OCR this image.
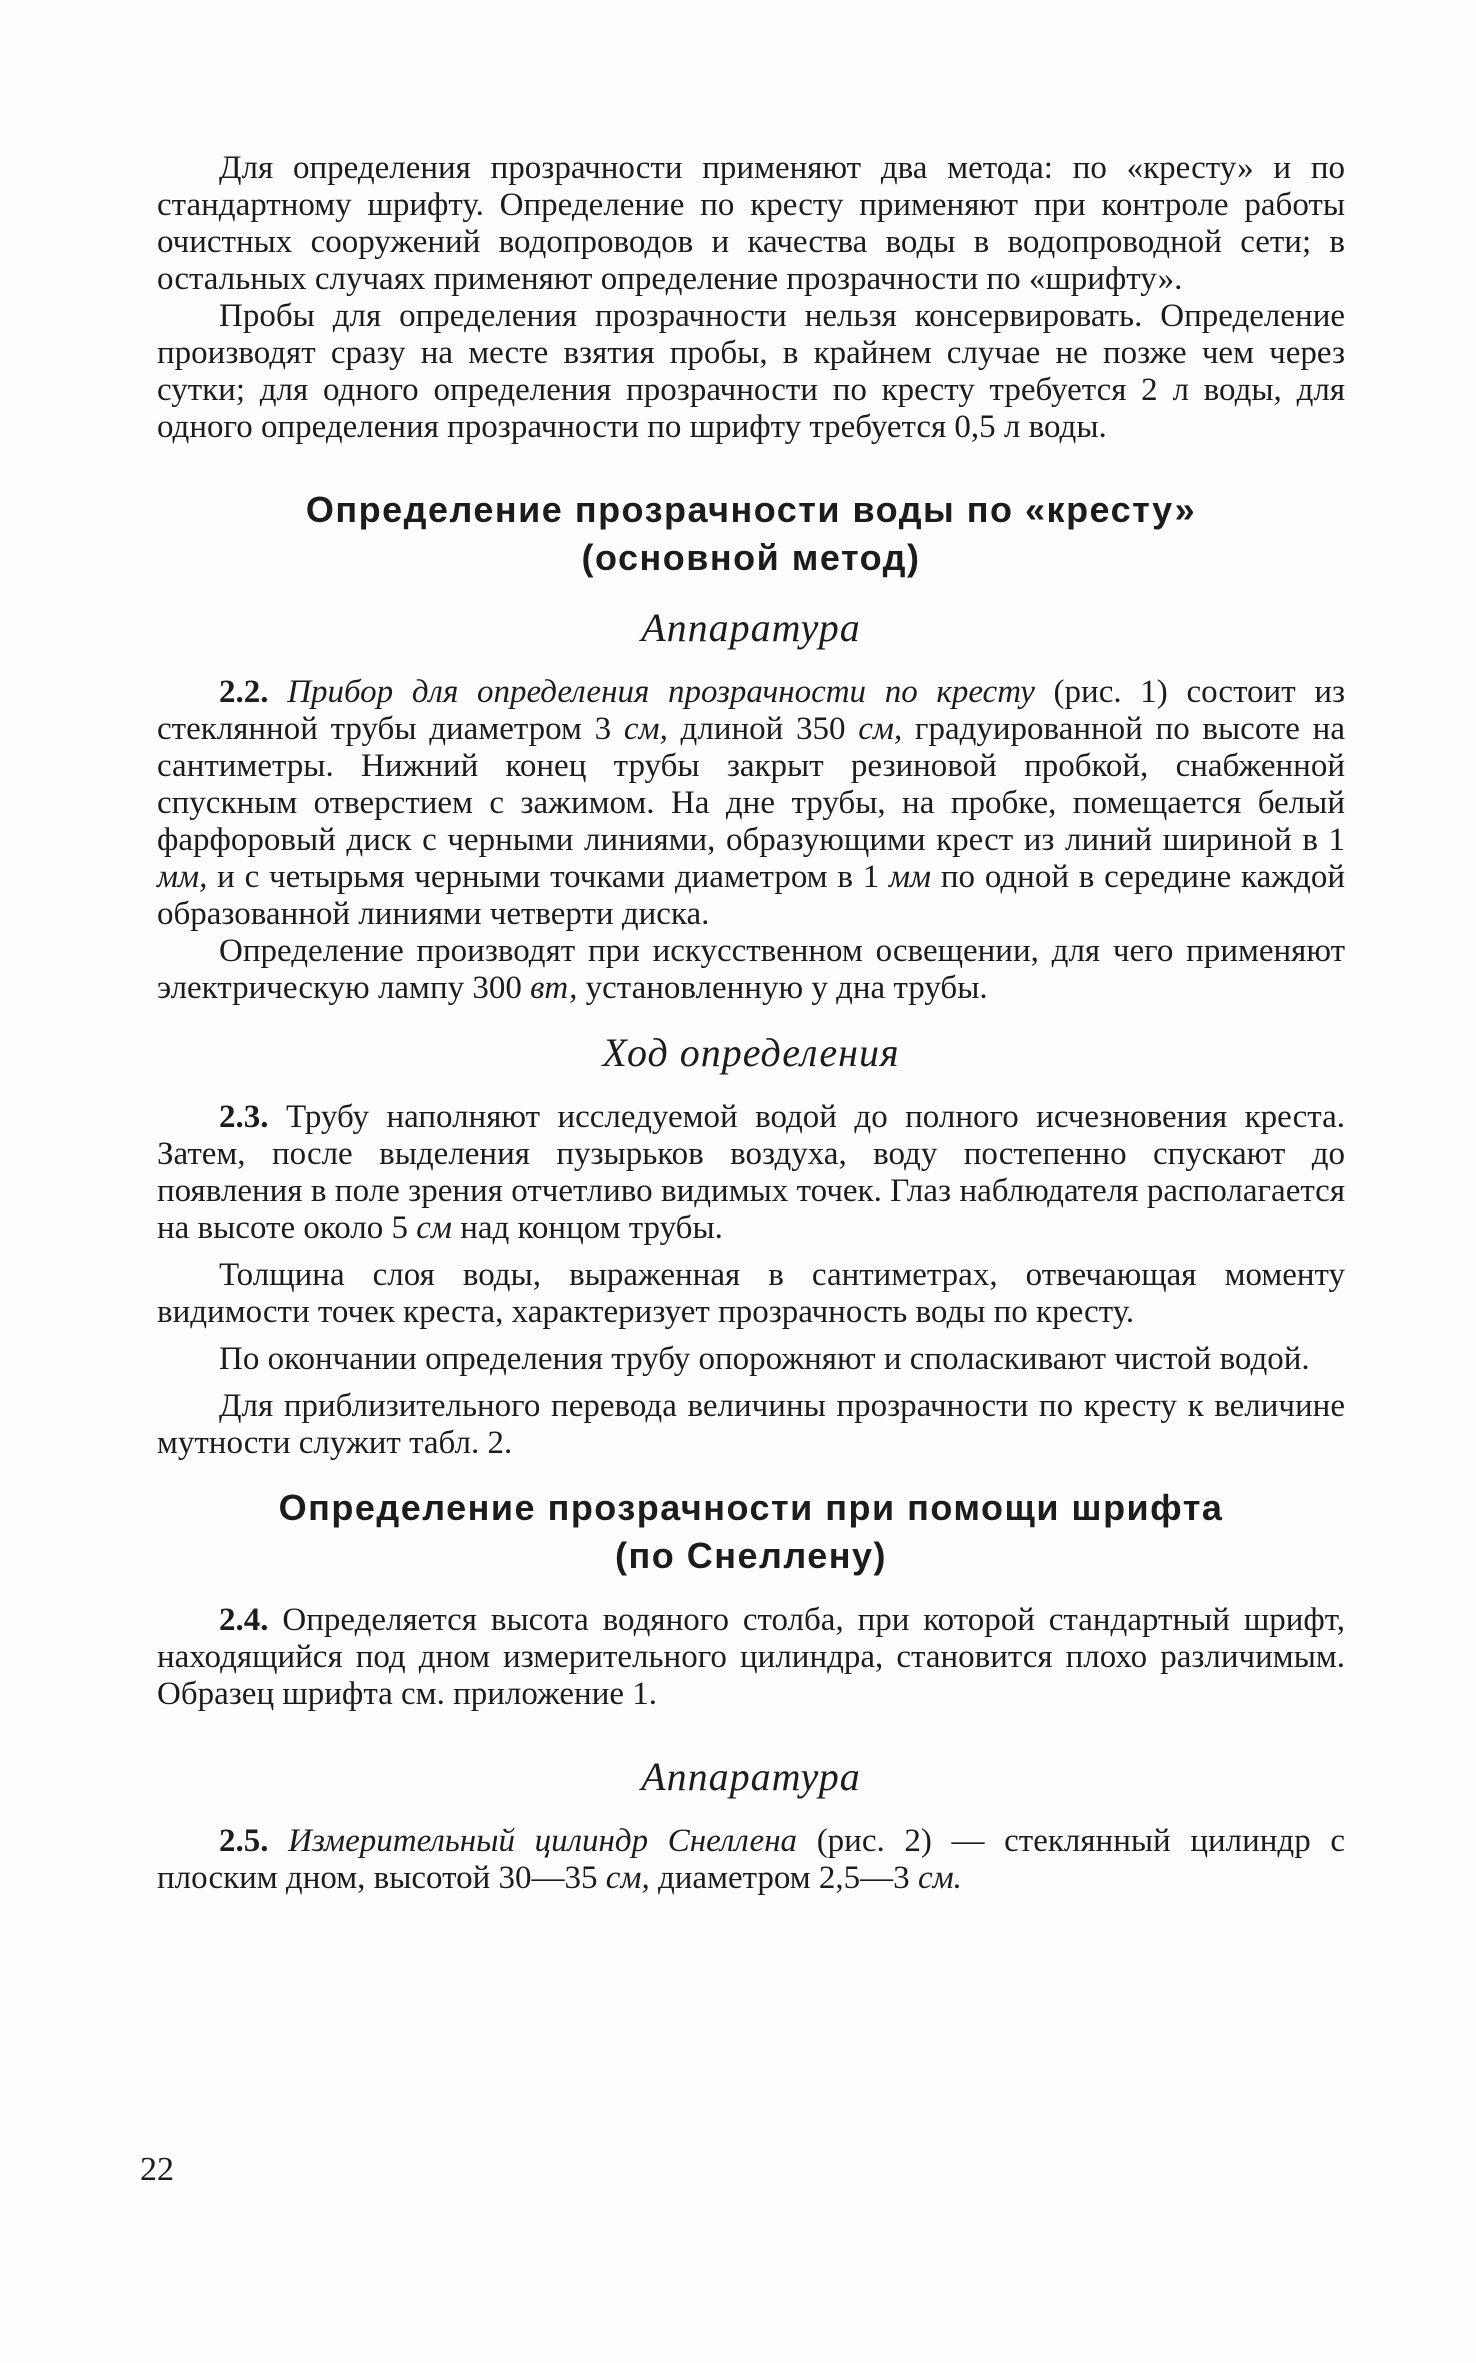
Для определения прозрачности применяют два метода: по «кресту» и по стандартному шрифту. Определение по кресту применяют при контроле работы очистных сооружений водопроводов и качества воды в водопроводной сети; в остальных случаях применяют определение прозрачности по «шрифту».

Пробы для определения прозрачности нельзя консервировать. Определение производят сразу на месте взятия пробы, в крайнем случае не позже чем через сутки; для одного определения прозрачности по кресту требуется 2 л воды, для одного определения прозрачности по шрифту требуется 0,5 л воды.

Определение прозрачности воды по «кресту»
(основной метод)
Аппаратура

2.2. Прибор для определения прозрачности по кресту (рис. 1) состоит из стеклянной трубы диаметром 3 см, длиной 350 см, градуированной по высоте на сантиметры. Нижний конец трубы закрыт резиновой пробкой, снабженной спускным отверстием с зажимом. На дне трубы, на пробке, помещается белый фарфоровый диск с черными линиями, образующими крест из линий шириной в 1 мм, и с четырьмя черными точками диаметром в 1 мм по одной в середине каждой образованной линиями четверти диска.

Определение производят при искусственном освещении, для чего применяют электрическую лампу 300 вт, установленную у дна трубы.

Ход определения

2.3. Трубу наполняют исследуемой водой до полного исчезновения креста. Затем, после выделения пузырьков воздуха, воду постепенно спускают до появления в поле зрения отчетливо видимых точек. Глаз наблюдателя располагается на высоте около 5 см над концом трубы.

Толщина слоя воды, выраженная в сантиметрах, отвечающая моменту видимости точек креста, характеризует прозрачность воды по кресту.

По окончании определения трубу опорожняют и споласкивают чистой водой.

Для приблизительного перевода величины прозрачности по кресту к величине мутности служит табл. 2.

Определение прозрачности при помощи шрифта
(по Снеллену)

2.4. Определяется высота водяного столба, при которой стандартный шрифт, находящийся под дном измерительного цилиндра, становится плохо различимым. Образец шрифта см. приложение 1.

Аппаратура

2.5. Измерительный цилиндр Снеллена (рис. 2) — стеклянный цилиндр с плоским дном, высотой 30—35 см, диаметром 2,5—3 см.

22
